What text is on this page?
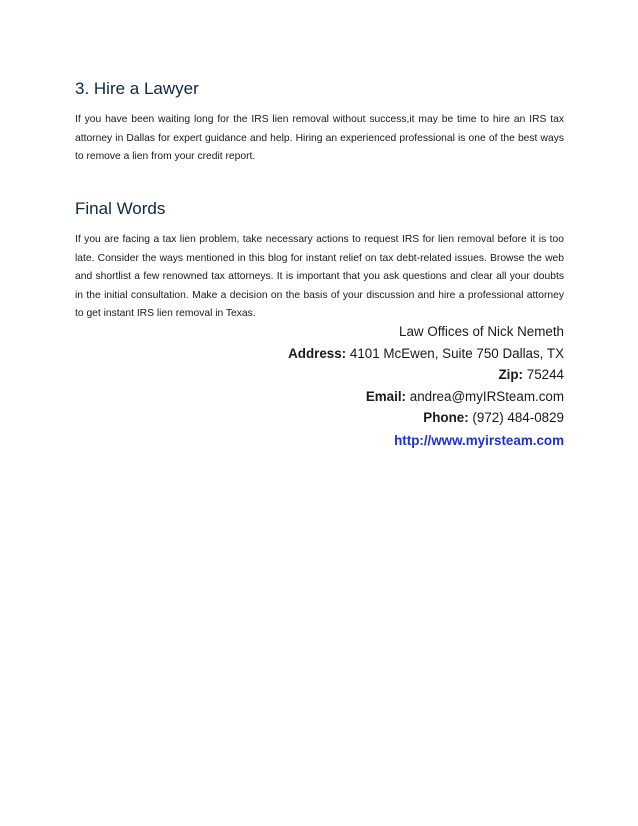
3. Hire a Lawyer

If you have been waiting long for the IRS lien removal without success,it may be time to hire an IRS tax attorney in Dallas for expert guidance and help. Hiring an experienced professional is one of the best ways to remove a lien from your credit report.

Final Words

If you are facing a tax lien problem, take necessary actions to request IRS for lien removal before it is too late. Consider the ways mentioned in this blog for instant relief on tax debt-related issues. Browse the web and shortlist a few renowned tax attorneys. It is important that you ask questions and clear all your doubts in the initial consultation. Make a decision on the basis of your discussion and hire a professional attorney to get instant IRS lien removal in Texas.

Law Offices of Nick Nemeth
Address: 4101 McEwen, Suite 750 Dallas, TX
Zip: 75244
Email: andrea@myIRSteam.com
Phone: (972) 484-0829
http://www.myirsteam.com
